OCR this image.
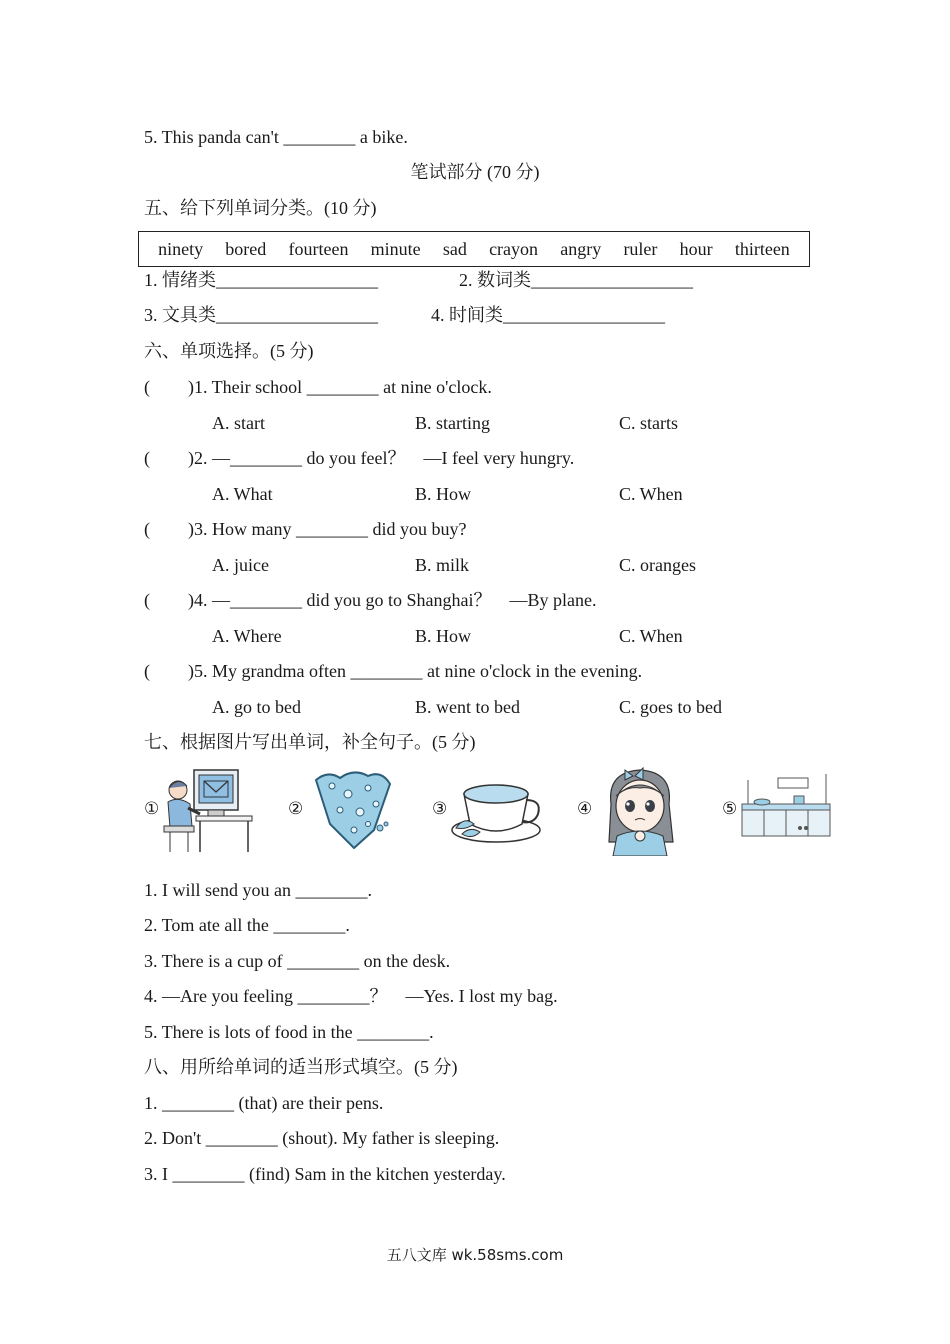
5. This panda can't ________ a bike.
笔试部分 (70 分)
五、给下列单词分类。(10 分)
ninety bored fourteen minute sad crayon angry ruler hour thirteen
1. 情绪类__________________	2. 数词类__________________
3. 文具类__________________	4. 时间类__________________
六、单项选择。(5 分)
( )1. Their school ________ at nine o'clock.
A. start	B. starting	C. starts
( )2. —________ do you feel？　—I feel very hungry.
A. What	B. How	C. When
( )3. How many ________ did you buy?
A. juice	B. milk	C. oranges
( )4. —________ did you go to Shanghai？　—By plane.
A. Where	B. How	C. When
( )5. My grandma often ________ at nine o'clock in the evening.
A. go to bed	B. went to bed	C. goes to bed
七、根据图片写出单词，补全句子。(5 分)
①	②	③	④	⑤
1. I will send you an ________.
2. Tom ate all the ________.
3. There is a cup of ________ on the desk.
4. —Are you feeling ________？　—Yes. I lost my bag.
5. There is lots of food in the ________.
八、用所给单词的适当形式填空。(5 分)
1. ________ (that) are their pens.
2. Don't ________ (shout). My father is sleeping.
3. I ________ (find) Sam in the kitchen yesterday.
五八文库 wk.58sms.com
